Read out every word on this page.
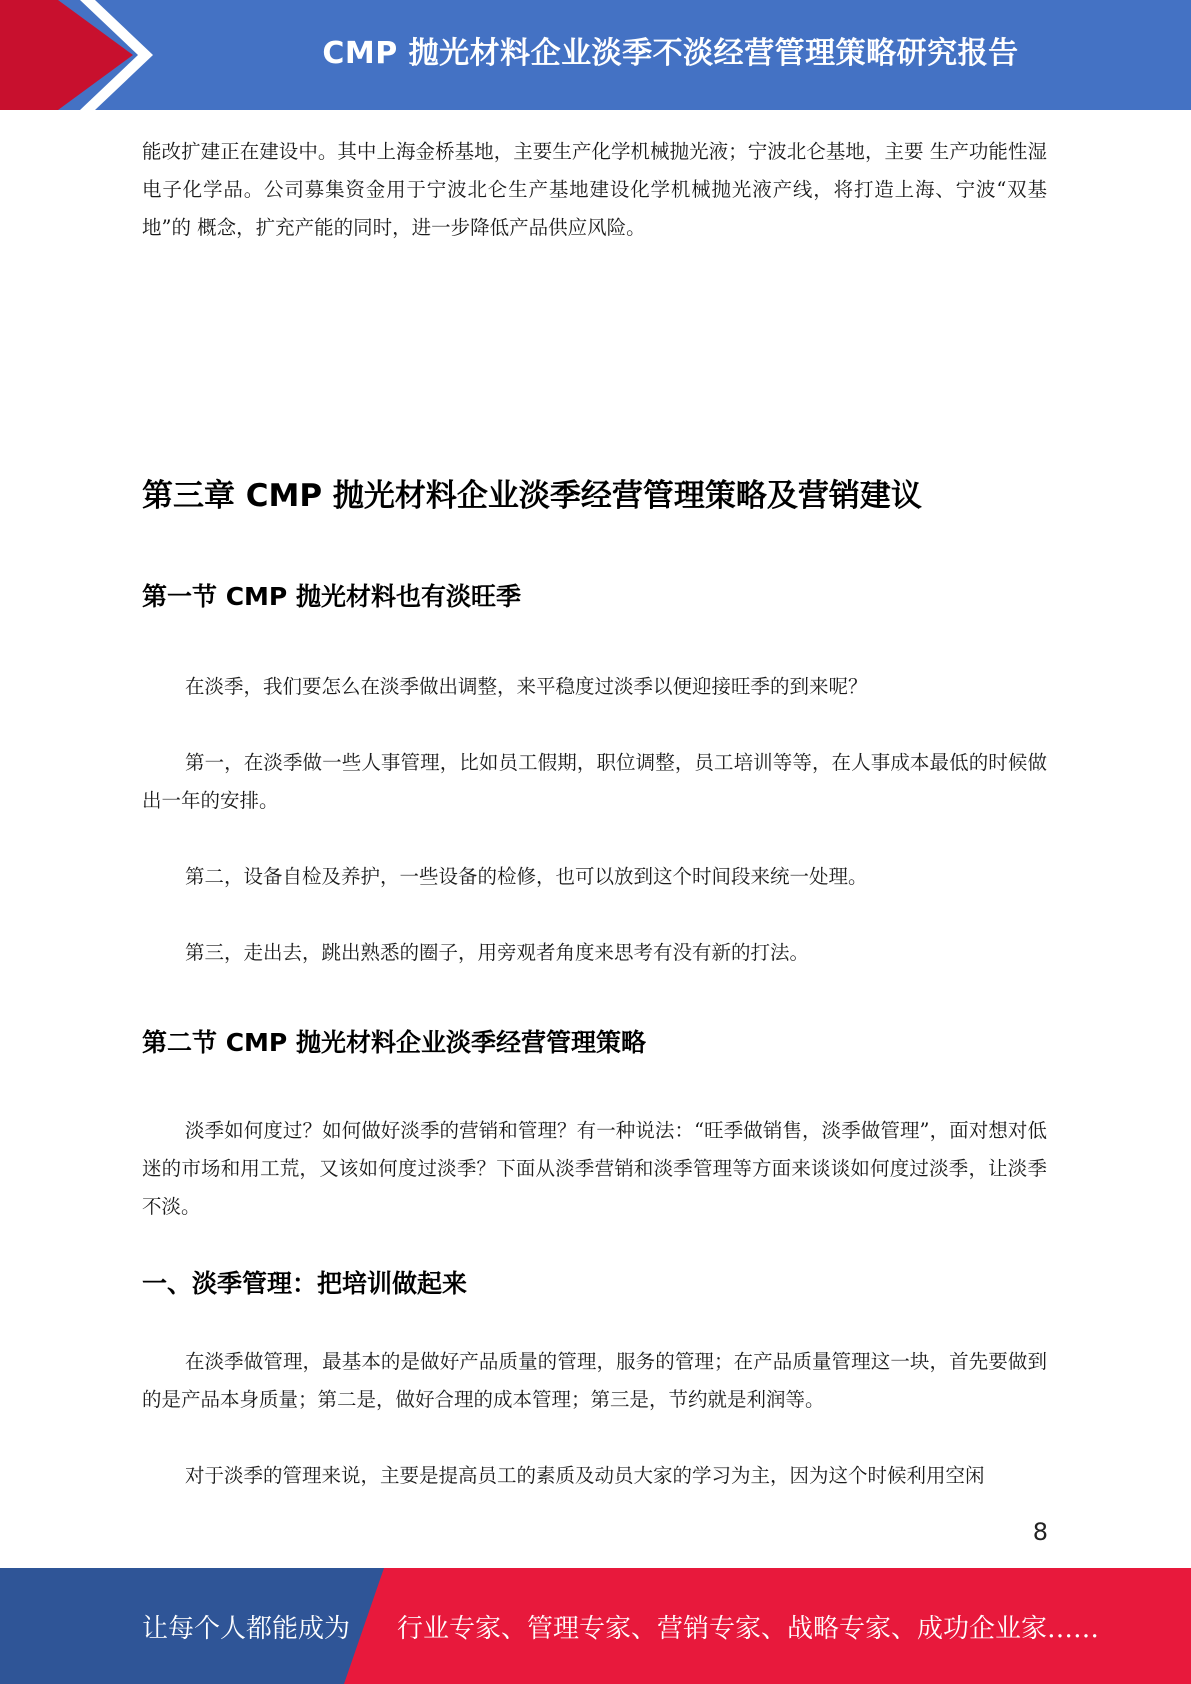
CMP 抛光材料企业淡季不淡经营管理策略研究报告

能改扩建正在建设中。其中上海金桥基地，主要生产化学机械抛光液；宁波北仑基地，主要 生产功能性湿电子化学品。公司募集资金用于宁波北仑生产基地建设化学机械抛光液产线，将打造上海、宁波“双基地”的 概念，扩充产能的同时，进一步降低产品供应风险。

第三章 CMP 抛光材料企业淡季经营管理策略及营销建议
第一节 CMP 抛光材料也有淡旺季

在淡季，我们要怎么在淡季做出调整，来平稳度过淡季以便迎接旺季的到来呢？

第一，在淡季做一些人事管理，比如员工假期，职位调整，员工培训等等，在人事成本最低的时候做出一年的安排。

第二，设备自检及养护，一些设备的检修，也可以放到这个时间段来统一处理。

第三，走出去，跳出熟悉的圈子，用旁观者角度来思考有没有新的打法。

第二节 CMP 抛光材料企业淡季经营管理策略

淡季如何度过？如何做好淡季的营销和管理？有一种说法：“旺季做销售，淡季做管理”，面对想对低迷的市场和用工荒，又该如何度过淡季？下面从淡季营销和淡季管理等方面来谈谈如何度过淡季，让淡季不淡。

一、淡季管理：把培训做起来

在淡季做管理，最基本的是做好产品质量的管理，服务的管理；在产品质量管理这一块，首先要做到的是产品本身质量；第二是，做好合理的成本管理；第三是，节约就是利润等。

对于淡季的管理来说，主要是提高员工的素质及动员大家的学习为主，因为这个时候利用空闲

8
让每个人都能成为 行业专家、管理专家、营销专家、战略专家、成功企业家……
